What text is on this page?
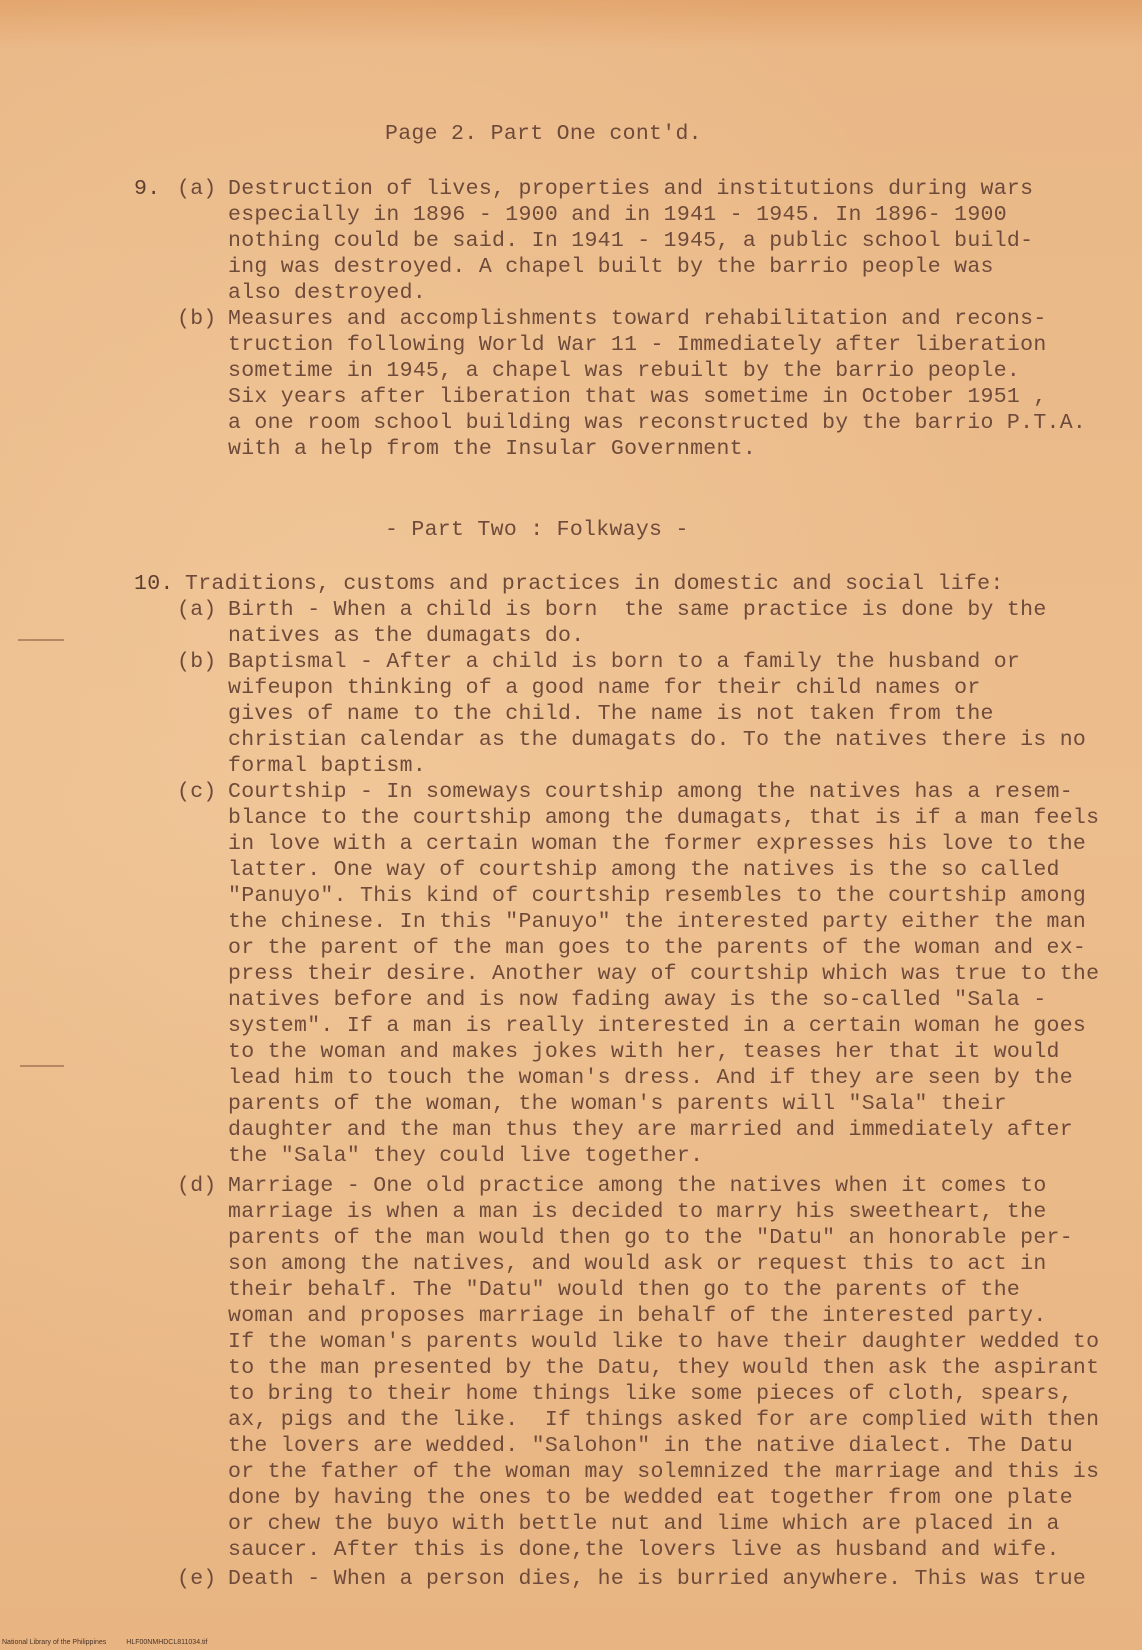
Page 2. Part One cont'd.
9. (a) Destruction of lives, properties and institutions during wars
especially in 1896 - 1900 and in 1941 - 1945. In 1896- 1900
nothing could be said. In 1941 - 1945, a public school build-
ing was destroyed. A chapel built by the barrio people was
also destroyed.
(b) Measures and accomplishments toward rehabilitation and recons-
truction following World War 11 - Immediately after liberation
sometime in 1945, a chapel was rebuilt by the barrio people.
Six years after liberation that was sometime in October 1951 ,
a one room school building was reconstructed by the barrio P.T.A.
with a help from the Insular Government.
- Part Two : Folkways -
10. Traditions, customs and practices in domestic and social life:
(a) Birth - When a child is born  the same practice is done by the
natives as the dumagats do.
(b) Baptismal - After a child is born to a family the husband or
wifeupon thinking of a good name for their child names or
gives of name to the child. The name is not taken from the
christian calendar as the dumagats do. To the natives there is no
formal baptism.
(c) Courtship - In someways courtship among the natives has a resem-
blance to the courtship among the dumagats, that is if a man feels
in love with a certain woman the former expresses his love to the
latter. One way of courtship among the natives is the so called
"Panuyo". This kind of courtship resembles to the courtship among
the chinese. In this "Panuyo" the interested party either the man
or the parent of the man goes to the parents of the woman and ex-
press their desire. Another way of courtship which was true to the
natives before and is now fading away is the so-called "Sala -
system". If a man is really interested in a certain woman he goes
to the woman and makes jokes with her, teases her that it would
lead him to touch the woman's dress. And if they are seen by the
parents of the woman, the woman's parents will "Sala" their
daughter and the man thus they are married and immediately after
the "Sala" they could live together.
(d) Marriage - One old practice among the natives when it comes to
marriage is when a man is decided to marry his sweetheart, the
parents of the man would then go to the "Datu" an honorable per-
son among the natives, and would ask or request this to act in
their behalf. The "Datu" would then go to the parents of the
woman and proposes marriage in behalf of the interested party.
If the woman's parents would like to have their daughter wedded to
to the man presented by the Datu, they would then ask the aspirant
to bring to their home things like some pieces of cloth, spears,
ax, pigs and the like.  If things asked for are complied with then
the lovers are wedded. "Salohon" in the native dialect. The Datu
or the father of the woman may solemnized the marriage and this is
done by having the ones to be wedded eat together from one plate
or chew the buyo with bettle nut and lime which are placed in a
saucer. After this is done,the lovers live as husband and wife.
(e) Death - When a person dies, he is burried anywhere. This was true
National Library of the Philippines	HLF00NMHDCL811034.tif
